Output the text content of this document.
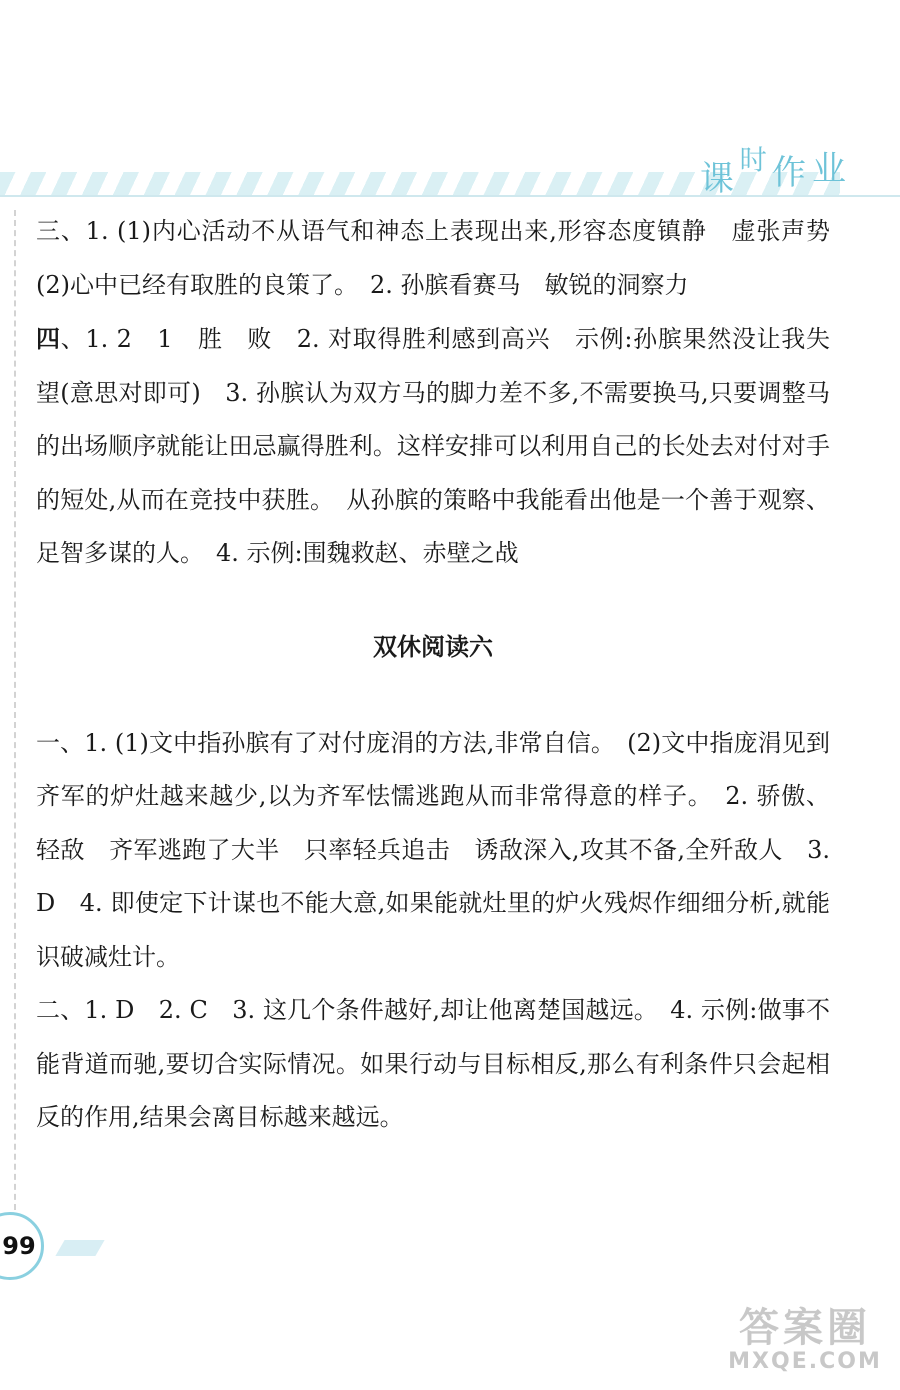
课 时 作 业

三、1. (1)内心活动不从语气和神态上表现出来,形容态度镇静　虚张声势　(2)心中已经有取胜的良策了。　2. 孙膑看赛马　敏锐的洞察力

四、1. 2　1　胜　败　2. 对取得胜利感到高兴　示例:孙膑果然没让我失望(意思对即可)　3. 孙膑认为双方马的脚力差不多,不需要换马,只要调整马的出场顺序就能让田忌赢得胜利。这样安排可以利用自己的长处去对付对手的短处,从而在竞技中获胜。　从孙膑的策略中我能看出他是一个善于观察、足智多谋的人。　4. 示例:围魏救赵、赤壁之战

双休阅读六

一、1. (1)文中指孙膑有了对付庞涓的方法,非常自信。　(2)文中指庞涓见到齐军的炉灶越来越少,以为齐军怯懦逃跑从而非常得意的样子。　2. 骄傲、轻敌　齐军逃跑了大半　只率轻兵追击　诱敌深入,攻其不备,全歼敌人　3. D　4. 即使定下计谋也不能大意,如果能就灶里的炉火残烬作细细分析,就能识破减灶计。

二、1. D　2. C　3. 这几个条件越好,却让他离楚国越远。　4. 示例:做事不能背道而驰,要切合实际情况。如果行动与目标相反,那么有利条件只会起相反的作用,结果会离目标越来越远。

99
答案圈
MXQE.COM
